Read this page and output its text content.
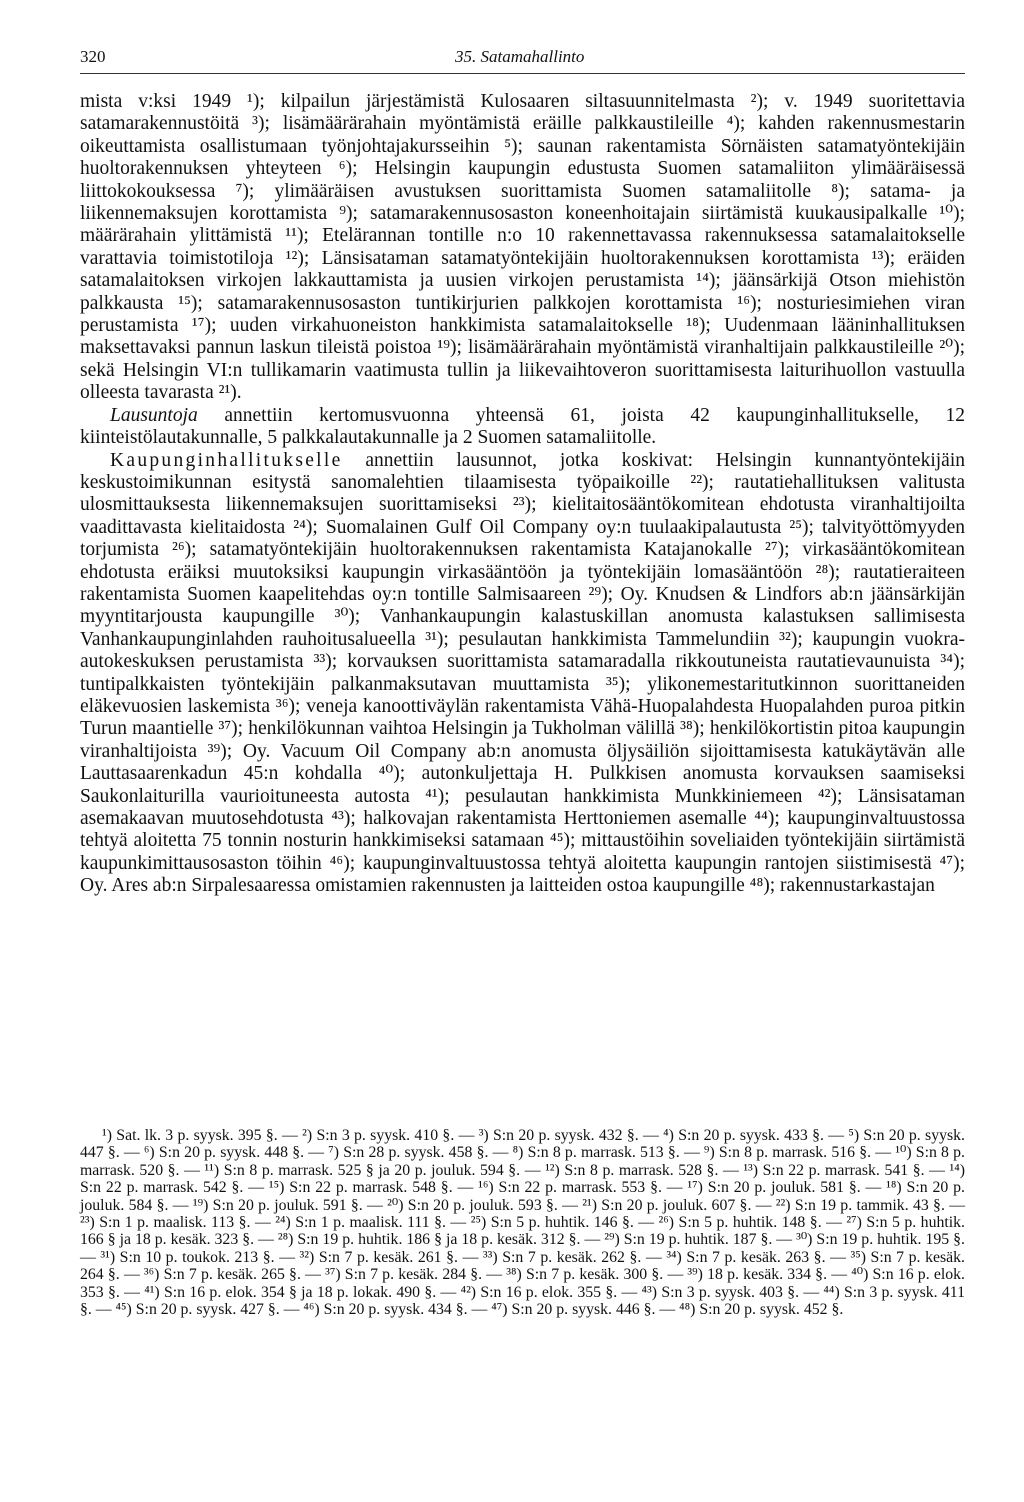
320	35. Satamahallinto

mista v:ksi 1949 ¹); kilpailun järjestämistä Kulosaaren siltasuunnitelmasta ²); v. 1949 suoritettavia satamarakennustöitä ³); lisämäärärahain myöntämistä eräille palkkaustileille ⁴); kahden rakennusmestarin oikeuttamista osallistumaan työnjohtajakursseihin ⁵); saunan rakentamista Sörnäisten satamatyöntekijäin huoltorakennuksen yhteyteen ⁶); Helsingin kaupungin edustusta Suomen satamaliiton ylimääräisessä liittokokouksessa ⁷); ylimääräisen avustuksen suorittamista Suomen satamaliitolle ⁸); satama- ja liikennemaksujen korottamista ⁹); satamarakennusosaston koneenhoitajain siirtämistä kuukausipalkalle ¹⁰); määrärahain ylittämistä ¹¹); Etelärannan tontille n:o 10 rakennettavassa rakennuksessa satamalaitokselle varattavia toimistotiloja ¹²); Länsisataman satamatyöntekijäin huoltorakennuksen korottamista ¹³); eräiden satamalaitoksen virkojen lakkauttamista ja uusien virkojen perustamista ¹⁴); jäänsärkijä Otson miehistön palkkausta ¹⁵); satamarakennusosaston tuntikirjurien palkkojen korottamista ¹⁶); nosturiesimiehen viran perustamista ¹⁷); uuden virkahuoneiston hankkimista satamalaitokselle ¹⁸); Uudenmaan lääninhallituksen maksettavaksi pannun laskun tileistä poistoa ¹⁹); lisämäärärahain myöntämistä viranhaltijain palkkaustileille ²⁰); sekä Helsingin VI:n tullikamarin vaatimusta tullin ja liikevaihtoveron suorittamisesta laiturihuollon vastuulla olleesta tavarasta ²¹).

Lausuntoja annettiin kertomusvuonna yhteensä 61, joista 42 kaupunginhallitukselle, 12 kiinteistölautakunnalle, 5 palkkalautakunnalle ja 2 Suomen satamaliitolle.

Kaupunginhallitukselle annettiin lausunnot, jotka koskivat: Helsingin kunnantyöntekijäin keskustoimikunnan esitystä sanomalehtien tilaamisesta työpaikoille ²²); rautatiehallituksen valitusta ulosmittauksesta liikennemaksujen suorittamiseksi ²³); kielitaitosääntökomitean ehdotusta viranhaltijoilta vaadittavasta kielitaidosta ²⁴); Suomalainen Gulf Oil Company oy:n tuulaakipalautusta ²⁵); talvityöttömyyden torjumista ²⁶); satamatyöntekijäin huoltorakennuksen rakentamista Katajanokalle ²⁷); virkasääntökomitean ehdotusta eräiksi muutoksiksi kaupungin virkasääntöön ja työntekijäin lomasääntöön ²⁸); rautatieraiteen rakentamista Suomen kaapelitehdas oy:n tontille Salmisaareen ²⁹); Oy. Knudsen & Lindfors ab:n jäänsärkijän myyntitarjousta kaupungille ³⁰); Vanhankaupungin kalastuskillan anomusta kalastuksen sallimisesta Vanhankaupunginlahden rauhoitusalueella ³¹); pesulautan hankkimista Tammelundiin ³²); kaupungin vuokra-autokeskuksen perustamista ³³); korvauksen suorittamista satamaradalla rikkoutuneista rautatievaunuista ³⁴); tuntipalkkaisten työntekijäin palkanmaksutavan muuttamista ³⁵); ylikonemestaritutkinnon suorittaneiden eläkevuosien laskemista ³⁶); veneja kanoottiväylän rakentamista Vähä-Huopalahdesta Huopalahden puroa pitkin Turun maantielle ³⁷); henkilökunnan vaihtoa Helsingin ja Tukholman välillä ³⁸); henkilökortistin pitoa kaupungin viranhaltijoista ³⁹); Oy. Vacuum Oil Company ab:n anomusta öljysäiliön sijoittamisesta katukäytävän alle Lauttasaarenkadun 45:n kohdalla ⁴⁰); autonkuljettaja H. Pulkkisen anomusta korvauksen saamiseksi Saukonlaiturilla vaurioituneesta autosta ⁴¹); pesulautan hankkimista Munkkiniemeen ⁴²); Länsisataman asemakaavan muutosehdotusta ⁴³); halkovajan rakentamista Herttoniemen asemalle ⁴⁴); kaupunginvaltuustossa tehtyä aloitetta 75 tonnin nosturin hankkimiseksi satamaan ⁴⁵); mittaustöihin soveliaiden työntekijäin siirtämistä kaupunkimittausosaston töihin ⁴⁶); kaupunginvaltuustossa tehtyä aloitetta kaupungin rantojen siistimisestä ⁴⁷); Oy. Ares ab:n Sirpalesaaressa omistamien rakennusten ja laitteiden ostoa kaupungille ⁴⁸); rakennustarkastajan

¹) Sat. lk. 3 p. syysk. 395 §. — ²) S:n 3 p. syysk. 410 §. — ³) S:n 20 p. syysk. 432 §. — ⁴) S:n 20 p. syysk. 433 §. — ⁵) S:n 20 p. syysk. 447 §. — ⁶) S:n 20 p. syysk. 448 §. — ⁷) S:n 28 p. syysk. 458 §. — ⁸) S:n 8 p. marrask. 513 §. — ⁹) S:n 8 p. marrask. 516 §. — ¹⁰) S:n 8 p. marrask. 520 §. — ¹¹) S:n 8 p. marrask. 525 § ja 20 p. jouluk. 594 §. — ¹²) S:n 8 p. marrask. 528 §. — ¹³) S:n 22 p. marrask. 541 §. — ¹⁴) S:n 22 p. marrask. 542 §. — ¹⁵) S:n 22 p. marrask. 548 §. — ¹⁶) S:n 22 p. marrask. 553 §. — ¹⁷) S:n 20 p. jouluk. 581 §. — ¹⁸) S:n 20 p. jouluk. 584 §. — ¹⁹) S:n 20 p. jouluk. 591 §. — ²⁰) S:n 20 p. jouluk. 593 §. — ²¹) S:n 20 p. jouluk. 607 §. — ²²) S:n 19 p. tammik. 43 §. — ²³) S:n 1 p. maalisk. 113 §. — ²⁴) S:n 1 p. maalisk. 111 §. — ²⁵) S:n 5 p. huhtik. 146 §. — ²⁶) S:n 5 p. huhtik. 148 §. — ²⁷) S:n 5 p. huhtik. 166 § ja 18 p. kesäk. 323 §. — ²⁸) S:n 19 p. huhtik. 186 § ja 18 p. kesäk. 312 §. — ²⁹) S:n 19 p. huhtik. 187 §. — ³⁰) S:n 19 p. huhtik. 195 §. — ³¹) S:n 10 p. toukok. 213 §. — ³²) S:n 7 p. kesäk. 261 §. — ³³) S:n 7 p. kesäk. 262 §. — ³⁴) S:n 7 p. kesäk. 263 §. — ³⁵) S:n 7 p. kesäk. 264 §. — ³⁶) S:n 7 p. kesäk. 265 §. — ³⁷) S:n 7 p. kesäk. 284 §. — ³⁸) S:n 7 p. kesäk. 300 §. — ³⁹) 18 p. kesäk. 334 §. — ⁴⁰) S:n 16 p. elok. 353 §. — ⁴¹) S:n 16 p. elok. 354 § ja 18 p. lokak. 490 §. — ⁴²) S:n 16 p. elok. 355 §. — ⁴³) S:n 3 p. syysk. 403 §. — ⁴⁴) S:n 3 p. syysk. 411 §. — ⁴⁵) S:n 20 p. syysk. 427 §. — ⁴⁶) S:n 20 p. syysk. 434 §. — ⁴⁷) S:n 20 p. syysk. 446 §. — ⁴⁸) S:n 20 p. syysk. 452 §.
